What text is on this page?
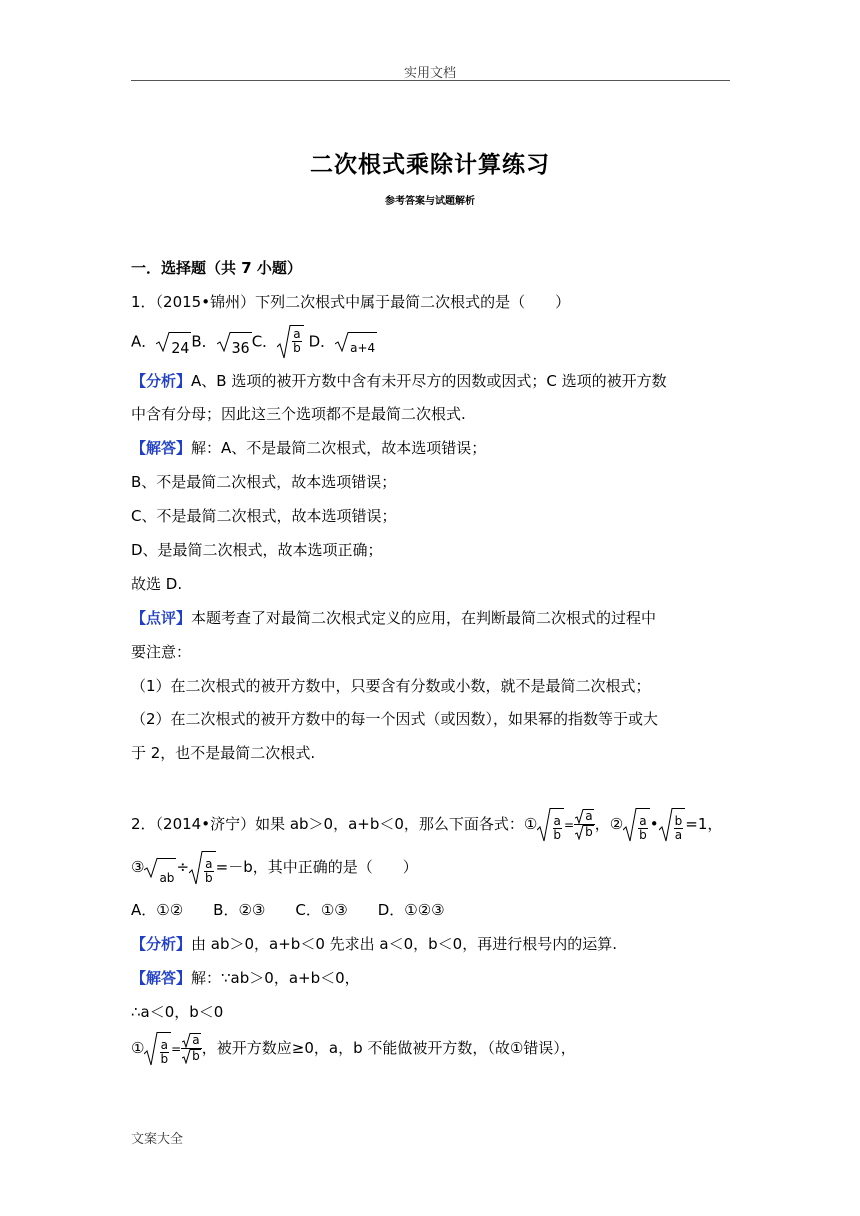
实用文档
文案大全
二次根式乘除计算练习
参考答案与试题解析
一．选择题（共 7 小题）
1．（2015•锦州）下列二次根式中属于最简二次根式的是（　　）
A． 24 B． 36 C． $\frac{a}{b}$ D． a+4
【分析】A、B 选项的被开方数中含有未开尽方的因数或因式；C 选项的被开方数
中含有分母；因此这三个选项都不是最简二次根式.
【解答】解：A、不是最简二次根式，故本选项错误；
B、不是最简二次根式，故本选项错误；
C、不是最简二次根式，故本选项错误；
D、是最简二次根式，故本选项正确；
故选 D.
【点评】本题考查了对最简二次根式定义的应用，在判断最简二次根式的过程中
要注意：
（1）在二次根式的被开方数中，只要含有分数或小数，就不是最简二次根式；
（2）在二次根式的被开方数中的每一个因式（或因数），如果幂的指数等于或大
于 2，也不是最简二次根式.
2．（2014•济宁）如果 ab＞0，a+b＜0，那么下面各式：① $\frac{a}{b} = \frac{a}{b}$ ，② $\frac{a}{b}$ • $\frac{b}{a} =1$，
③
ab
÷ $\frac{a}{b} =-b$，其中正确的是（　　）
A．①②　　B．②③　　C．①③　　D．①②③
【分析】由 ab＞0，a+b＜0 先求出 a＜0，b＜0，再进行根号内的运算.
【解答】解：∵ab＞0，a+b＜0，
∴a＜0，b＜0
① $\frac{a}{b} = \frac{a}{b}$ ，被开方数应≥0，a，b 不能做被开方数，（故①错误），
